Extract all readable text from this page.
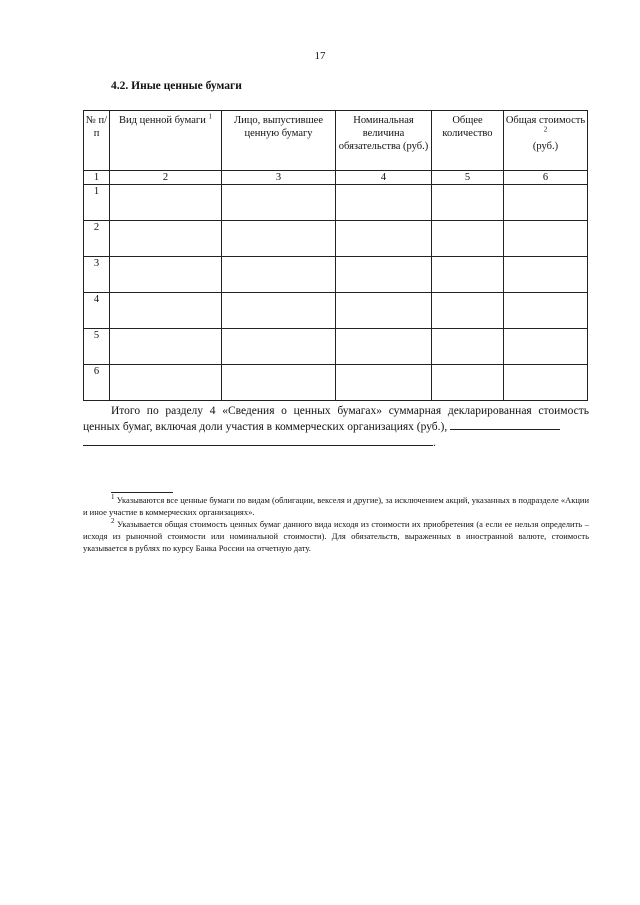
17
4.2. Иные ценные бумаги
№ п/п	Вид ценной бумаги $^1$	Лицо, выпустившее ценную бумагу	Номинальная величина обязательства (руб.)	Общее количество	Общая стоимость $^2$
(руб.)
1	2	3	4	5	6
1					
2					
3					
4					
5					
6					

Итого по разделу 4 «Сведения о ценных бумагах» суммарная декларированная стоимость ценных бумаг, включая доли участия в коммерческих организациях (руб.),

.

$^1$ Указываются все ценные бумаги по видам (облигации, векселя и другие), за исключением акций, указанных в подразделе «Акции и иное участие в коммерческих организациях».

$^2$ Указывается общая стоимость ценных бумаг данного вида исходя из стоимости их приобретения (а если ее нельзя определить – исходя из рыночной стоимости или номинальной стоимости). Для обязательств, выраженных в иностранной валюте, стоимость указывается в рублях по курсу Банка России на отчетную дату.
